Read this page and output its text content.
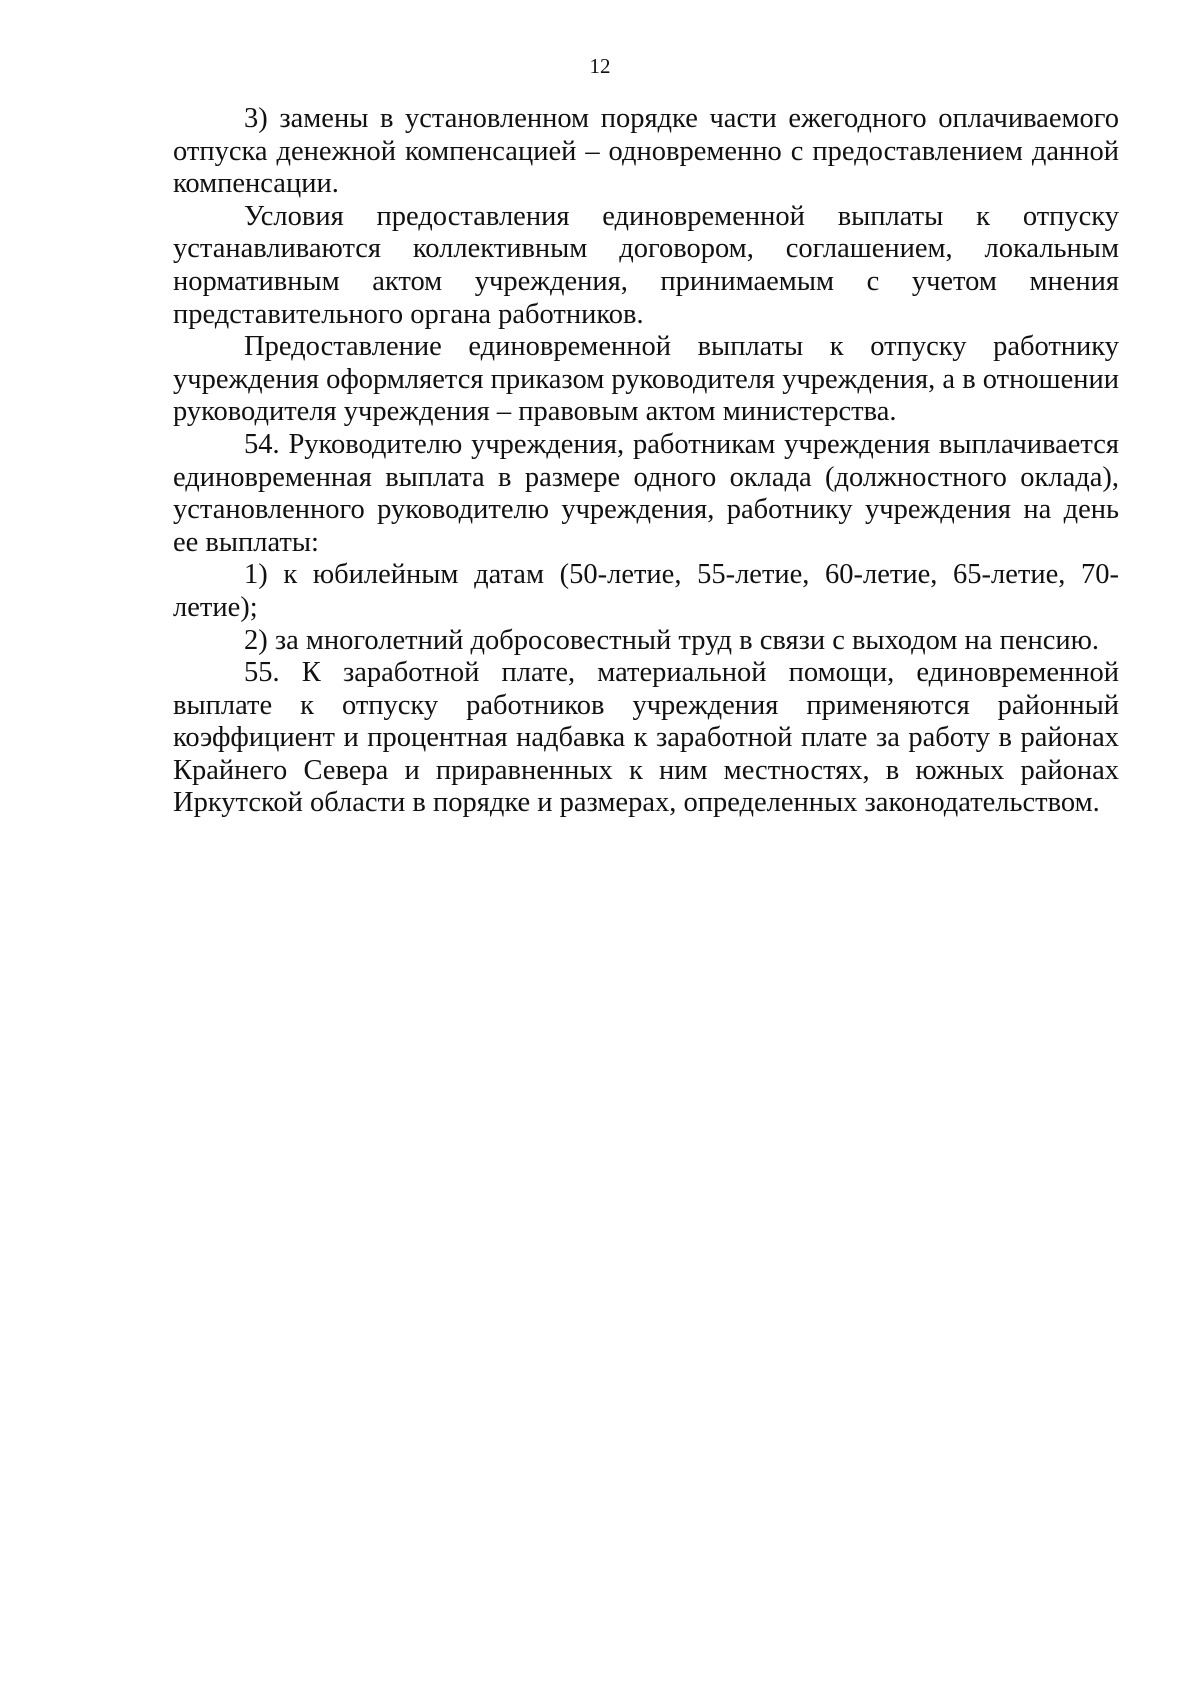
12

3) замены в установленном порядке части ежегодного оплачиваемого отпуска денежной компенсацией – одновременно с предоставлением данной компенсации.

Условия предоставления единовременной выплаты к отпуску устанавливаются коллективным договором, соглашением, локальным нормативным актом учреждения, принимаемым с учетом мнения представительного органа работников.

Предоставление единовременной выплаты к отпуску работнику учреждения оформляется приказом руководителя учреждения, а в отношении руководителя учреждения – правовым актом министерства.

54. Руководителю учреждения, работникам учреждения выплачивается единовременная выплата в размере одного оклада (должностного оклада), установленного руководителю учреждения, работнику учреждения на день ее выплаты:

1) к юбилейным датам (50-летие, 55-летие, 60-летие, 65-летие, 70-летие);

2) за многолетний добросовестный труд в связи с выходом на пенсию.

55. К заработной плате, материальной помощи, единовременной выплате к отпуску работников учреждения применяются районный коэффициент и процентная надбавка к заработной плате за работу в районах Крайнего Севера и приравненных к ним местностях, в южных районах Иркутской области в порядке и размерах, определенных законодательством.
